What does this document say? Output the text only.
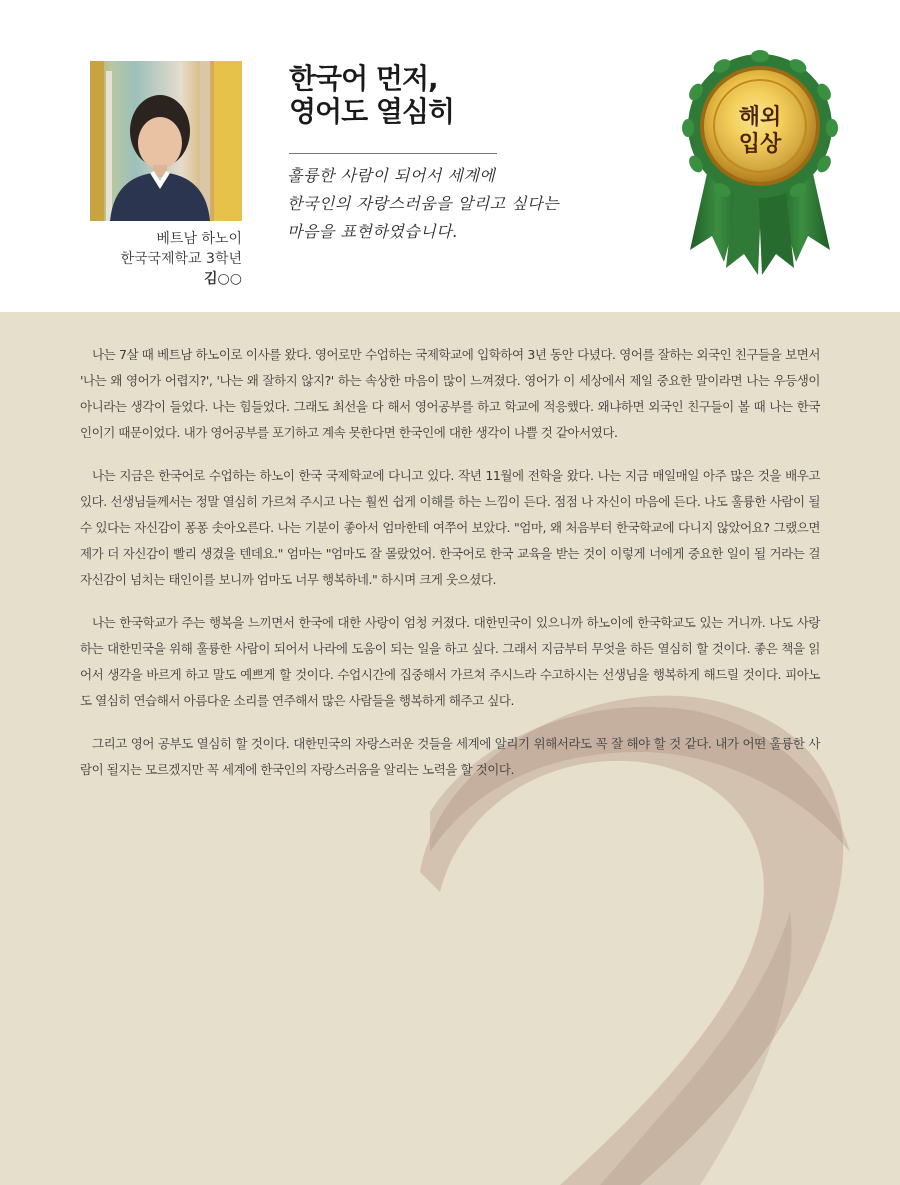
베트남 하노이
한국국제학교 3학년
김○○
한국어 먼저,
영어도 열심히
훌륭한 사람이 되어서 세계에
한국인의 자랑스러움을 알리고 싶다는
마음을 표현하였습니다.
해외
입상

나는 7살 때 베트남 하노이로 이사를 왔다. 영어로만 수업하는 국제학교에 입학하여 3년 동안 다녔다. 영어를 잘하는 외국인 친구들을 보면서 '나는 왜 영어가 어렵지?', '나는 왜 잘하지 않지?' 하는 속상한 마음이 많이 느껴졌다. 영어가 이 세상에서 제일 중요한 말이라면 나는 우등생이 아니라는 생각이 들었다. 나는 힘들었다. 그래도 최선을 다 해서 영어공부를 하고 학교에 적응했다. 왜냐하면 외국인 친구들이 볼 때 나는 한국인이기 때문이었다. 내가 영어공부를 포기하고 계속 못한다면 한국인에 대한 생각이 나쁠 것 같아서였다.

나는 지금은 한국어로 수업하는 하노이 한국 국제학교에 다니고 있다. 작년 11월에 전학을 왔다. 나는 지금 매일매일 아주 많은 것을 배우고 있다. 선생님들께서는 정말 열심히 가르쳐 주시고 나는 훨씬 쉽게 이해를 하는 느낌이 든다. 점점 나 자신이 마음에 든다. 나도 훌륭한 사람이 될 수 있다는 자신감이 퐁퐁 솟아오른다. 나는 기분이 좋아서 엄마한테 여쭈어 보았다. "엄마, 왜 처음부터 한국학교에 다니지 않았어요? 그랬으면 제가 더 자신감이 빨리 생겼을 텐데요." 엄마는 "엄마도 잘 몰랐었어. 한국어로 한국 교육을 받는 것이 이렇게 너에게 중요한 일이 될 거라는 걸 자신감이 넘치는 태인이를 보니까 엄마도 너무 행복하네." 하시며 크게 웃으셨다.

나는 한국학교가 주는 행복을 느끼면서 한국에 대한 사랑이 엄청 커졌다. 대한민국이 있으니까 하노이에 한국학교도 있는 거니까. 나도 사랑하는 대한민국을 위해 훌륭한 사람이 되어서 나라에 도움이 되는 일을 하고 싶다. 그래서 지금부터 무엇을 하든 열심히 할 것이다. 좋은 책을 읽어서 생각을 바르게 하고 말도 예쁘게 할 것이다. 수업시간에 집중해서 가르쳐 주시느라 수고하시는 선생님을 행복하게 해드릴 것이다. 피아노도 열심히 연습해서 아름다운 소리를 연주해서 많은 사람들을 행복하게 해주고 싶다.

그리고 영어 공부도 열심히 할 것이다. 대한민국의 자랑스러운 것들을 세계에 알리기 위해서라도 꼭 잘 해야 할 것 같다. 내가 어떤 훌륭한 사람이 될지는 모르겠지만 꼭 세계에 한국인의 자랑스러움을 알리는 노력을 할 것이다.
